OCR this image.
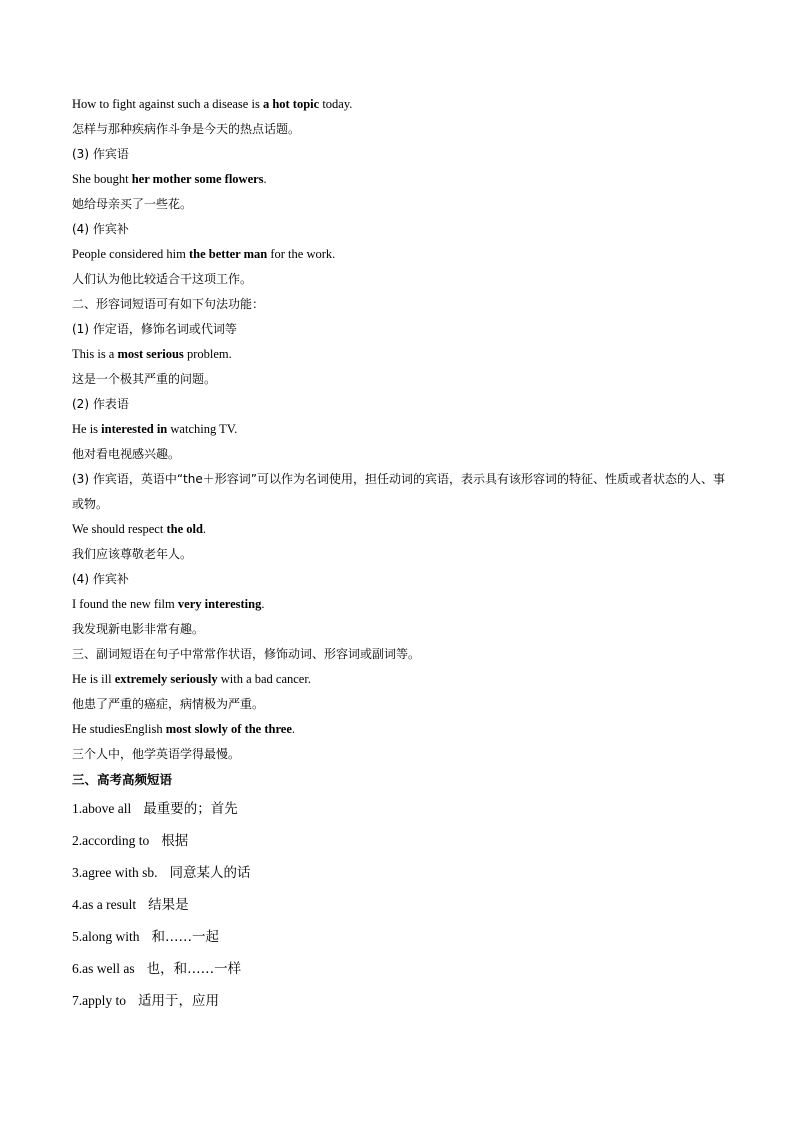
How to fight against such a disease is a hot topic today.
怎样与那种疾病作斗争是今天的热点话题。
(3) 作宾语
She bought her mother some flowers.
她给母亲买了一些花。
(4) 作宾补
People considered him the better man for the work.
人们认为他比较适合干这项工作。
二、形容词短语可有如下句法功能：
(1) 作定语，修饰名词或代词等
This is a most serious problem.
这是一个极其严重的问题。
(2) 作表语
He is interested in watching TV.
他对看电视感兴趣。
(3) 作宾语，英语中“the＋形容词”可以作为名词使用，担任动词的宾语，表示具有该形容词的特征、性质或者状态的人、事或物。
We should respect the old.
我们应该尊敬老年人。
(4) 作宾补
I found the new film very interesting.
我发现新电影非常有趣。
三、副词短语在句子中常常作状语，修饰动词、形容词或副词等。
He is ill extremely seriously with a bad cancer.
他患了严重的癌症，病情极为严重。
He studiesEnglish most slowly of the three.
三个人中，他学英语学得最慢。
三、高考高频短语
1.above all 最重要的；首先
2.according to 根据
3.agree with sb. 同意某人的话
4.as a result 结果是
5.along with 和……一起
6.as well as 也，和……一样
7.apply to 适用于，应用
